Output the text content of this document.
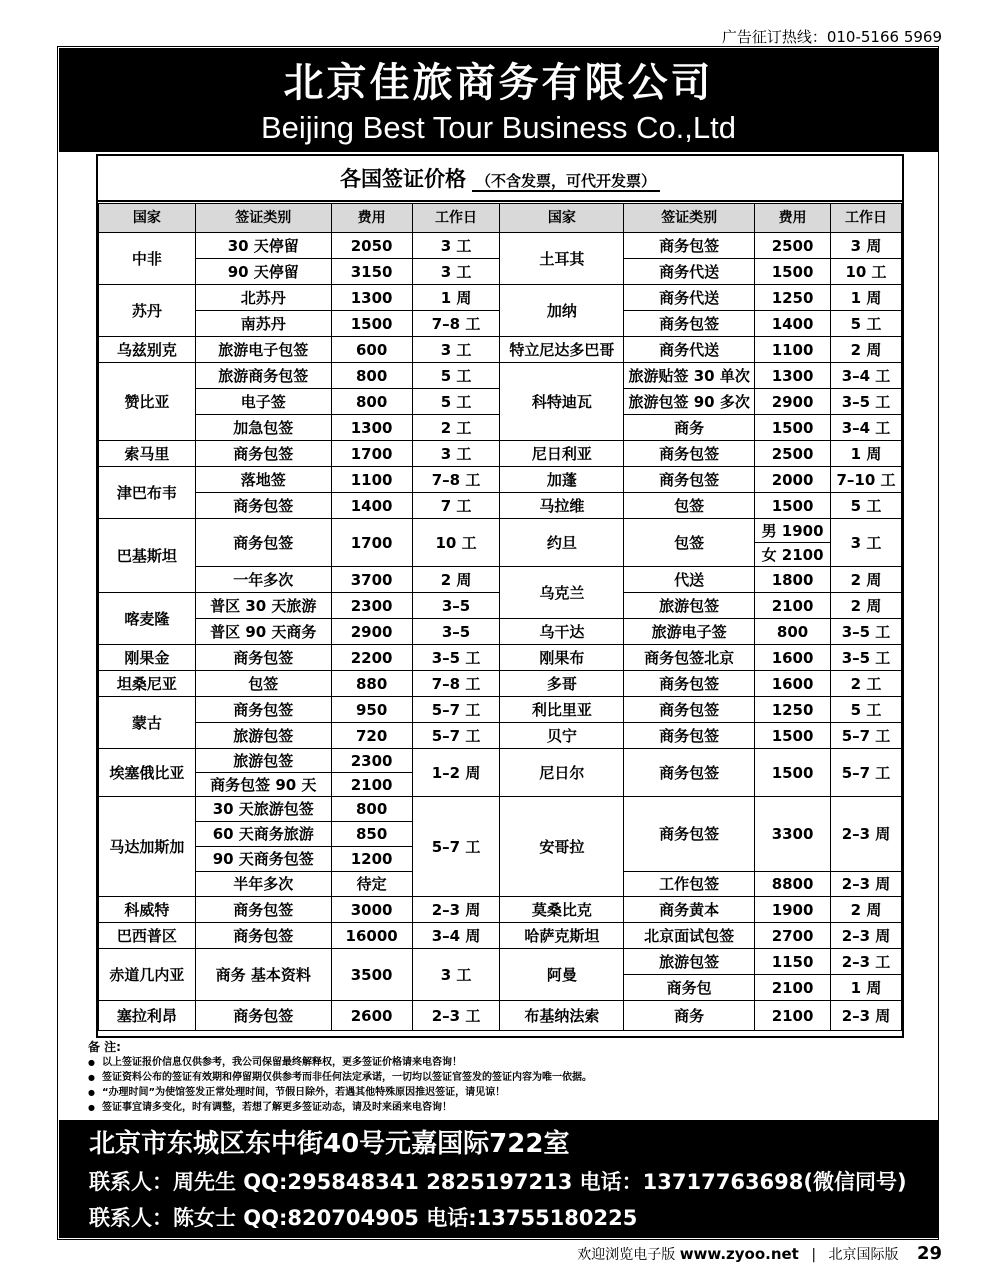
广告征订热线：010-5166 5969
北京佳旅商务有限公司
Beijing Best Tour Business Co.,Ltd
各国签证价格 （不含发票，可代开发票）
国家	签证类别	费用	工作日	国家	签证类别	费用	工作日
中非	30 天停留	2050	3 工	土耳其	商务包签	2500	3 周
	90 天停留	3150	3 工		商务代送	1500	10 工
苏丹	北苏丹	1300	1 周	加纳	商务代送	1250	1 周
	南苏丹	1500	7–8 工		商务包签	1400	5 工
乌兹别克	旅游电子包签	600	3 工	特立尼达多巴哥	商务代送	1100	2 周
赞比亚	旅游商务包签	800	5 工	科特迪瓦	旅游贴签 30 单次	1300	3–4 工
	电子签	800	5 工		旅游包签 90 多次	2900	3–5 工
	加急包签	1300	2 工		商务	1500	3–4 工
索马里	商务包签	1700	3 工	尼日利亚	商务包签	2500	1 周
津巴布韦	落地签	1100	7–8 工	加蓬	商务包签	2000	7–10 工
	商务包签	1400	7 工	马拉维	包签	1500	5 工
巴基斯坦	商务包签	1700	10 工	约旦	包签	男 1900	3 工
						女 2100	
	一年多次	3700	2 周	乌克兰	代送	1800	2 周
喀麦隆	普区 30 天旅游	2300	3–5		旅游包签	2100	2 周
	普区 90 天商务	2900	3–5	乌干达	旅游电子签	800	3–5 工
刚果金	商务包签	2200	3–5 工	刚果布	商务包签北京	1600	3–5 工
坦桑尼亚	包签	880	7–8 工	多哥	商务包签	1600	2 工
蒙古	商务包签	950	5–7 工	利比里亚	商务包签	1250	5 工
	旅游包签	720	5–7 工	贝宁	商务包签	1500	5–7 工
埃塞俄比亚	旅游包签	2300	1–2 周	尼日尔	商务包签	1500	5–7 工
	商务包签 90 天	2100					
马达加斯加	30 天旅游包签	800	5–7 工	安哥拉	商务包签	3300	2–3 周
	60 天商务旅游	850					
	90 天商务包签	1200					
	半年多次	待定			工作包签	8800	2–3 周
科威特	商务包签	3000	2–3 周	莫桑比克	商务黄本	1900	2 周
巴西普区	商务包签	16000	3–4 周	哈萨克斯坦	北京面试包签	2700	2–3 周
赤道几内亚	商务 基本资料	3500	3 工	阿曼	旅游包签	1150	2–3 工
					商务包	2100	1 周
塞拉利昂	商务包签	2600	2–3 工	布基纳法索	商务	2100	2–3 周
备 注:
● 以上签证报价信息仅供参考，我公司保留最终解释权，更多签证价格请来电咨询！
● 签证资料公布的签证有效期和停留期仅供参考而非任何法定承诺，一切均以签证官签发的签证内容为唯一依据。
● “办理时间”为使馆签发正常处理时间，节假日除外，若遇其他特殊原因推迟签证，请见谅！
● 签证事宜请多变化，时有调整，若想了解更多签证动态，请及时来函来电咨询！
北京市东城区东中街40号元嘉国际722室
联系人：周先生 QQ:295848341 2825197213 电话：13717763698(微信同号)
联系人：陈女士 QQ:820704905 电话:13755180225
欢迎浏览电子版 www.zyoo.net | 北京国际版 29
